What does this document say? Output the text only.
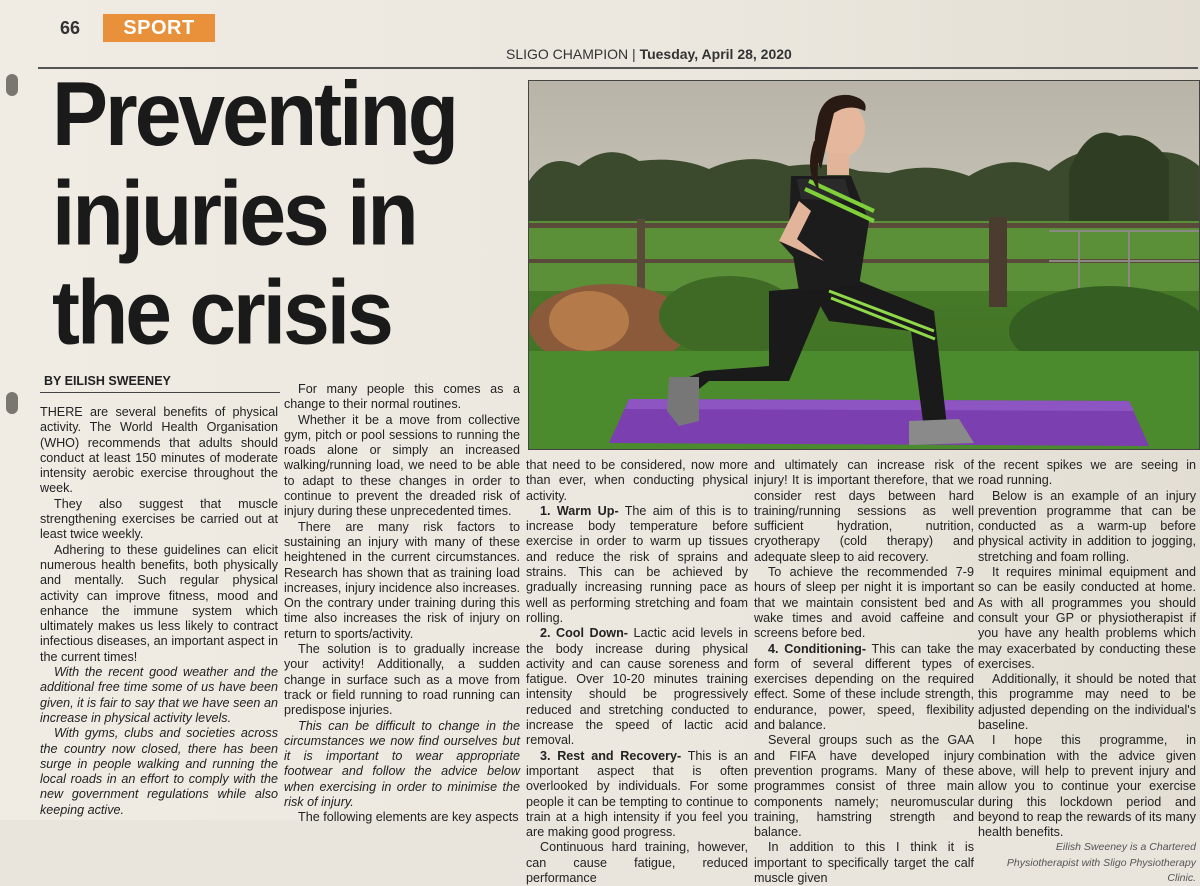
66	SPORT
SLIGO CHAMPION | Tuesday, April 28, 2020
Preventing
injuries in
the crisis
BY EILISH SWEENEY

THERE are several benefits of physical activity. The World Health Organisation (WHO) recommends that adults should conduct at least 150 minutes of moderate intensity aerobic exercise throughout the week.

They also suggest that muscle strengthening exercises be carried out at least twice weekly.

Adhering to these guidelines can elicit numerous health benefits, both physically and mentally. Such regular physical activity can improve fitness, mood and enhance the immune system which ultimately makes us less likely to contract infectious diseases, an important aspect in the current times!

With the recent good weather and the additional free time some of us have been given, it is fair to say that we have seen an increase in physical activity levels.

With gyms, clubs and societies across the country now closed, there has been surge in people walking and running the local roads in an effort to comply with the new government regulations while also keeping active.

For many people this comes as a change to their normal routines.

Whether it be a move from collective gym, pitch or pool sessions to running the roads alone or simply an increased walking/running load, we need to be able to adapt to these changes in order to continue to prevent the dreaded risk of injury during these unprecedented times.

There are many risk factors to sustaining an injury with many of these heightened in the current circumstances. Research has shown that as training load increases, injury incidence also increases. On the contrary under training during this time also increases the risk of injury on return to sports/activity.

The solution is to gradually increase your activity! Additionally, a sudden change in surface such as a move from track or field running to road running can predispose injuries.

This can be difficult to change in the circumstances we now find ourselves but it is important to wear appropriate footwear and follow the advice below when exercising in order to minimise the risk of injury.

The following elements are key aspects

that need to be considered, now more than ever, when conducting physical activity.

1. Warm Up- The aim of this is to increase body temperature before exercise in order to warm up tissues and reduce the risk of sprains and strains. This can be achieved by gradually increasing running pace as well as performing stretching and foam rolling.

2. Cool Down- Lactic acid levels in the body increase during physical activity and can cause soreness and fatigue. Over 10-20 minutes training intensity should be progressively reduced and stretching conducted to increase the speed of lactic acid removal.

3. Rest and Recovery- This is an important aspect that is often overlooked by individuals. For some people it can be tempting to continue to train at a high intensity if you feel you are making good progress.

Continuous hard training, however, can cause fatigue, reduced performance

and ultimately can increase risk of injury! It is important therefore, that we consider rest days between hard training/running sessions as well sufficient hydration, nutrition, cryotherapy (cold therapy) and adequate sleep to aid recovery.

To achieve the recommended 7-9 hours of sleep per night it is important that we maintain consistent bed and wake times and avoid caffeine and screens before bed.

4. Conditioning- This can take the form of several different types of exercises depending on the required effect. Some of these include strength, endurance, power, speed, flexibility and balance.

Several groups such as the GAA and FIFA have developed injury prevention programs. Many of these programmes consist of three main components namely; neuromuscular training, hamstring strength and balance.

In addition to this I think it is important to specifically target the calf muscle given

the recent spikes we are seeing in road running.

Below is an example of an injury prevention programme that can be conducted as a warm-up before physical activity in addition to jogging, stretching and foam rolling.

It requires minimal equipment and so can be easily conducted at home. As with all programmes you should consult your GP or physiotherapist if you have any health problems which may exacerbated by conducting these exercises.

Additionally, it should be noted that this programme may need to be adjusted depending on the individual's baseline.

I hope this programme, in combination with the advice given above, will help to prevent injury and allow you to continue your exercise during this lockdown period and beyond to reap the rewards of its many health benefits.

Eilish Sweeney is a Chartered Physiotherapist with Sligo Physiotherapy Clinic.
